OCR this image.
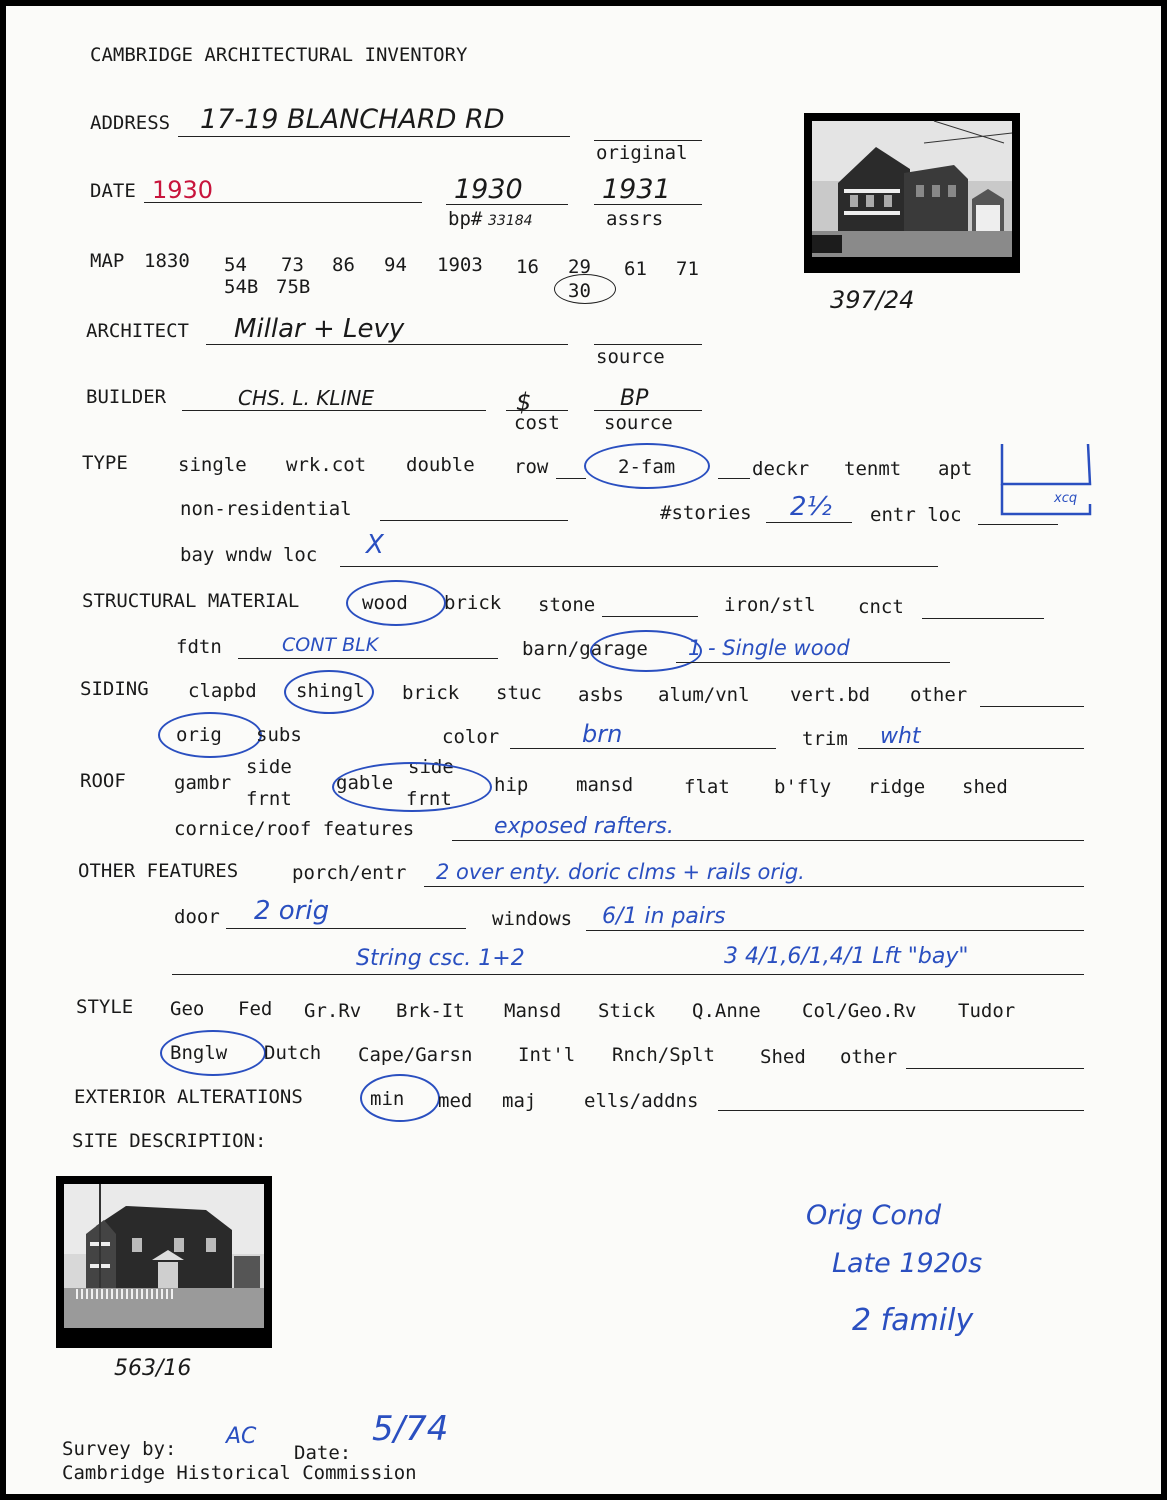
CAMBRIDGE ARCHITECTURAL INVENTORY
ADDRESS 17-19 BLANCHARD RD
original
DATE 1930	1930
bp# 33184
1931
assrs
397/24
MAP 1830 54 73 86 94 1903 16 29 61 71
54B 75B	30
ARCHITECT Millar + Levy
source
BUILDER	CHS. L. KLINE	$
cost
BP
source
TYPE	single wrk.cot double row	2-fam	deckr tenmt apt
xcq
non-residential	#stories 2½ entr loc
bay wndw loc X
STRUCTURAL MATERIAL	wood brick stone	iron/stl cnct
fdtn	CONT BLK	barn/garage 1 - Single wood
SIDING clapbd shingl brick stuc asbs alum/vnl vert.bd other
orig subs	color	brn	trim wht
ROOF	gambr
side
frnt
gable
side
frnt
hip	mansd	flat b'fly ridge shed
cornice/roof features	exposed rafters.
OTHER FEATURES	porch/entr 2 over enty. doric clms + rails orig.
door 2 orig	windows 6/1 in pairs
String csc. 1+2	3 4/1,6/1,4/1 Lft "bay"
STYLE Geo Fed Gr.Rv Brk-It Mansd Stick Q.Anne Col/Geo.Rv Tudor
Bnglw Dutch Cape/Garsn Int'l Rnch/Splt Shed other
EXTERIOR ALTERATIONS	min med maj	ells/addns
SITE DESCRIPTION:
563/16
Orig Cond
Late 1920s
2 family
Survey by: AC
Date:
5/74
Cambridge Historical Commission
